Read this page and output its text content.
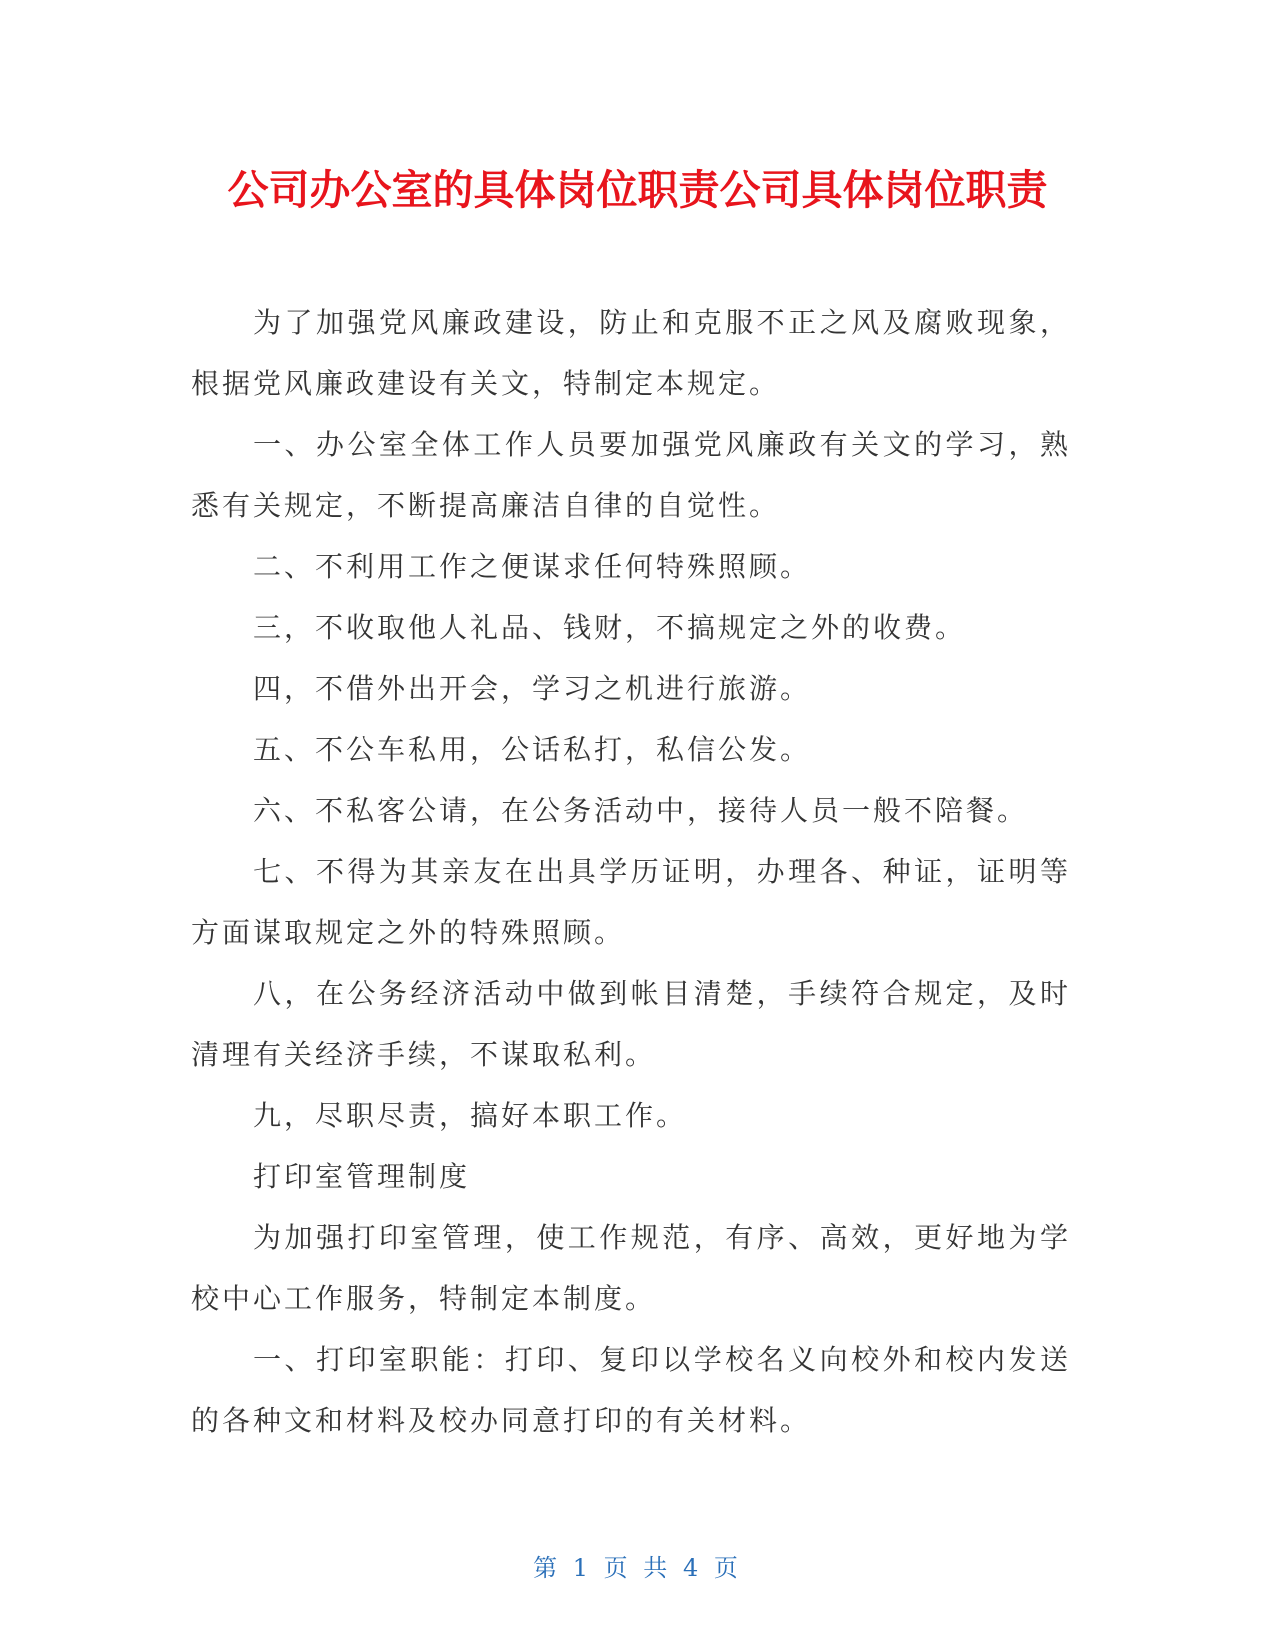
公司办公室的具体岗位职责公司具体岗位职责

为了加强党风廉政建设，防止和克服不正之风及腐败现象，根据党风廉政建设有关文，特制定本规定。

一、办公室全体工作人员要加强党风廉政有关文的学习，熟悉有关规定，不断提高廉洁自律的自觉性。

二、不利用工作之便谋求任何特殊照顾。

三，不收取他人礼品、钱财，不搞规定之外的收费。

四，不借外出开会，学习之机进行旅游。

五、不公车私用，公话私打，私信公发。

六、不私客公请，在公务活动中，接待人员一般不陪餐。

七、不得为其亲友在出具学历证明，办理各、种证，证明等方面谋取规定之外的特殊照顾。

八，在公务经济活动中做到帐目清楚，手续符合规定，及时清理有关经济手续，不谋取私利。

九，尽职尽责，搞好本职工作。

打印室管理制度

为加强打印室管理，使工作规范，有序、高效，更好地为学校中心工作服务，特制定本制度。

一、打印室职能：打印、复印以学校名义向校外和校内发送的各种文和材料及校办同意打印的有关材料。

第 1 页 共 4 页
